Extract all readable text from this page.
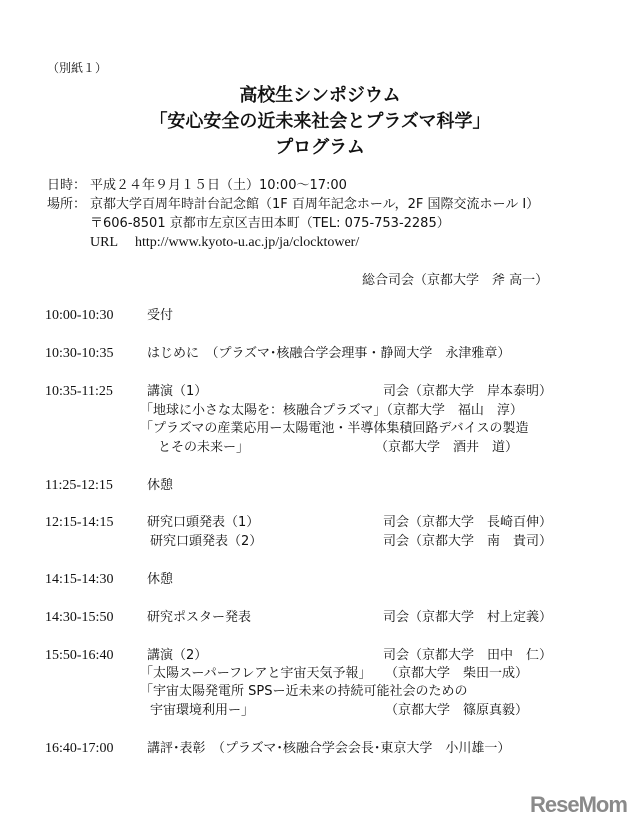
（別紙１）
高校生シンポジウム
「安心安全の近未来社会とプラズマ科学」
プログラム
日時： 平成２４年９月１５日（土）10:00～17:00
場所： 京都大学百周年時計台記念館（1F 百周年記念ホール，2F 国際交流ホール I）
〒606-8501 京都市左京区吉田本町（TEL: 075-753-2285）
URL http://www.kyoto-u.ac.jp/ja/clocktower/
総合司会（京都大学　斧 高一）
10:00-10:30	受付
10:30-10:35	はじめに　（プラズマ･核融合学会理事・静岡大学　永津雅章）
10:35-11:25	講演（1）	司会（京都大学　岸本泰明）
「地球に小さな太陽を：核融合プラズマ」（京都大学　福山　淳）
「プラズマの産業応用ー太陽電池・半導体集積回路デバイスの製造
とその未来ー」	（京都大学　酒井　道）
11:25-12:15	休憩
12:15-14:15	研究口頭発表（1）	司会（京都大学　長崎百伸）
研究口頭発表（2）	司会（京都大学　南　貴司）
14:15-14:30	休憩
14:30-15:50	研究ポスター発表	司会（京都大学　村上定義）
15:50-16:40	講演（2）	司会（京都大学　田中　仁）
「太陽スーパーフレアと宇宙天気予報」 （京都大学　柴田一成）
「宇宙太陽発電所 SPSー近未来の持続可能社会のための
宇宙環境利用ー」	（京都大学　篠原真毅）
16:40-17:00	講評･表彰　（プラズマ･核融合学会会長･東京大学　小川雄一）
ReseMom
